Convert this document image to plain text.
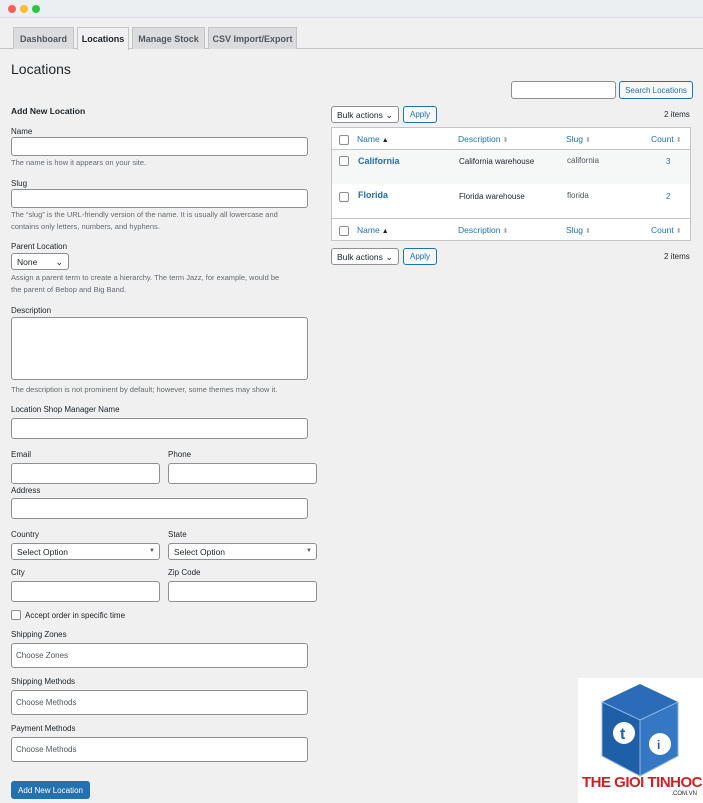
Dashboard	Locations	Manage Stock	CSV Import/Export
Locations
Search Locations
Add New Location
Name
The name is how it appears on your site.
Slug
The “slug” is the URL-friendly version of the name. It is usually all lowercase and
contains only letters, numbers, and hyphens.
Parent Location
None ⌄
Assign a parent term to create a hierarchy. The term Jazz, for example, would be
the parent of Bebop and Big Band.
Description
The description is not prominent by default; however, some themes may show it.
Location Shop Manager Name
Email	Phone
Address
Country
Select Option	▼
State
Select Option	▼
City	Zip Code
Accept order in specific time
Shipping Zones
Choose Zones
Shipping Methods
Choose Methods
Payment Methods
Choose Methods
Add New Location
Bulk actions ⌄	Apply	2 items
Name ▲	Description ⬍	Slug ⬍	Count ⬍
California	California warehouse	california	3
Florida	Florida warehouse	florida	2
Name ▲	Description ⬍	Slug ⬍	Count ⬍
Bulk actions ⌄	Apply	2 items
t
i
THE GIOI TINHOC
.COM.VN
